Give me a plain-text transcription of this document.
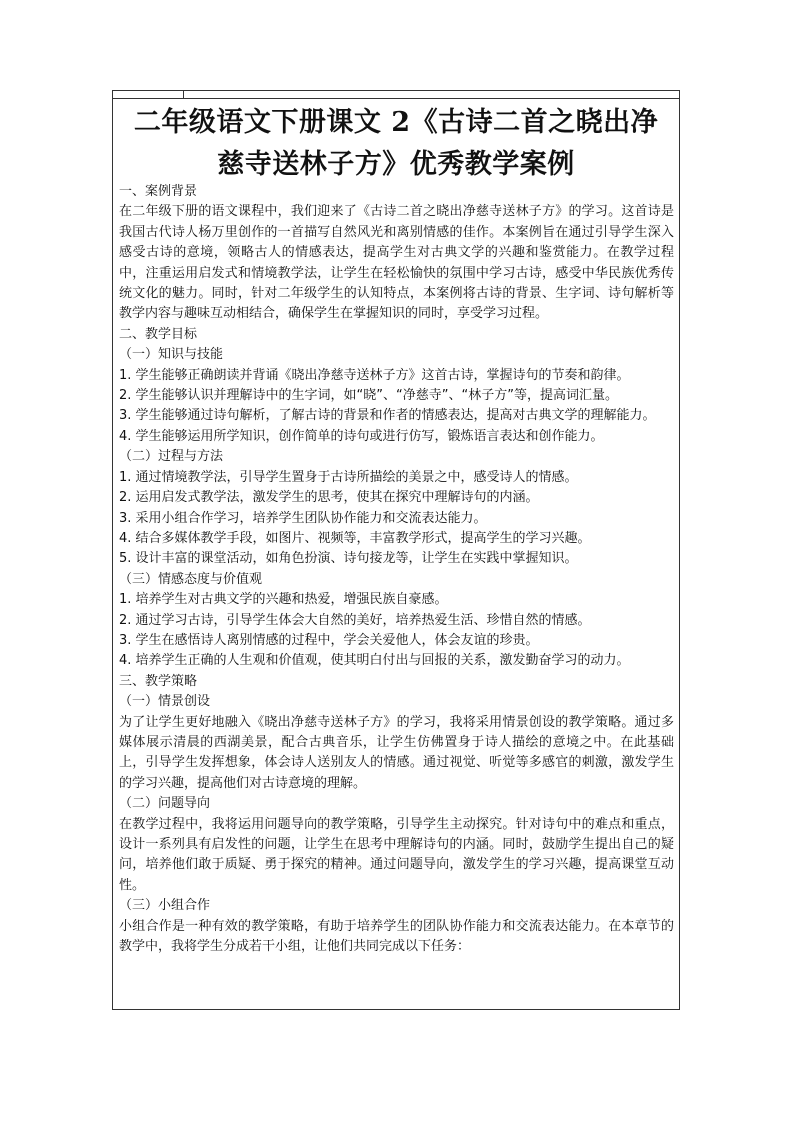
二年级语文下册课文 2《古诗二首之晓出净
慈寺送林子方》优秀教学案例

一、案例背景

在二年级下册的语文课程中，我们迎来了《古诗二首之晓出净慈寺送林子方》的学习。这首诗是我国古代诗人杨万里创作的一首描写自然风光和离别情感的佳作。本案例旨在通过引导学生深入感受古诗的意境，领略古人的情感表达，提高学生对古典文学的兴趣和鉴赏能力。在教学过程中，注重运用启发式和情境教学法，让学生在轻松愉快的氛围中学习古诗，感受中华民族优秀传统文化的魅力。同时，针对二年级学生的认知特点，本案例将古诗的背景、生字词、诗句解析等教学内容与趣味互动相结合，确保学生在掌握知识的同时，享受学习过程。

二、教学目标

（一）知识与技能

1. 学生能够正确朗读并背诵《晓出净慈寺送林子方》这首古诗，掌握诗句的节奏和韵律。

2. 学生能够认识并理解诗中的生字词，如“晓”、“净慈寺”、“林子方”等，提高词汇量。

3. 学生能够通过诗句解析，了解古诗的背景和作者的情感表达，提高对古典文学的理解能力。

4. 学生能够运用所学知识，创作简单的诗句或进行仿写，锻炼语言表达和创作能力。

（二）过程与方法

1. 通过情境教学法，引导学生置身于古诗所描绘的美景之中，感受诗人的情感。

2. 运用启发式教学法，激发学生的思考，使其在探究中理解诗句的内涵。

3. 采用小组合作学习，培养学生团队协作能力和交流表达能力。

4. 结合多媒体教学手段，如图片、视频等，丰富教学形式，提高学生的学习兴趣。

5. 设计丰富的课堂活动，如角色扮演、诗句接龙等，让学生在实践中掌握知识。

（三）情感态度与价值观

1. 培养学生对古典文学的兴趣和热爱，增强民族自豪感。

2. 通过学习古诗，引导学生体会大自然的美好，培养热爱生活、珍惜自然的情感。

3. 学生在感悟诗人离别情感的过程中，学会关爱他人，体会友谊的珍贵。

4. 培养学生正确的人生观和价值观，使其明白付出与回报的关系，激发勤奋学习的动力。

三、教学策略

（一）情景创设

为了让学生更好地融入《晓出净慈寺送林子方》的学习，我将采用情景创设的教学策略。通过多媒体展示清晨的西湖美景，配合古典音乐，让学生仿佛置身于诗人描绘的意境之中。在此基础上，引导学生发挥想象，体会诗人送别友人的情感。通过视觉、听觉等多感官的刺激，激发学生的学习兴趣，提高他们对古诗意境的理解。

（二）问题导向

在教学过程中，我将运用问题导向的教学策略，引导学生主动探究。针对诗句中的难点和重点，设计一系列具有启发性的问题，让学生在思考中理解诗句的内涵。同时，鼓励学生提出自己的疑问，培养他们敢于质疑、勇于探究的精神。通过问题导向，激发学生的学习兴趣，提高课堂互动性。

（三）小组合作

小组合作是一种有效的教学策略，有助于培养学生的团队协作能力和交流表达能力。在本章节的教学中，我将学生分成若干小组，让他们共同完成以下任务：
